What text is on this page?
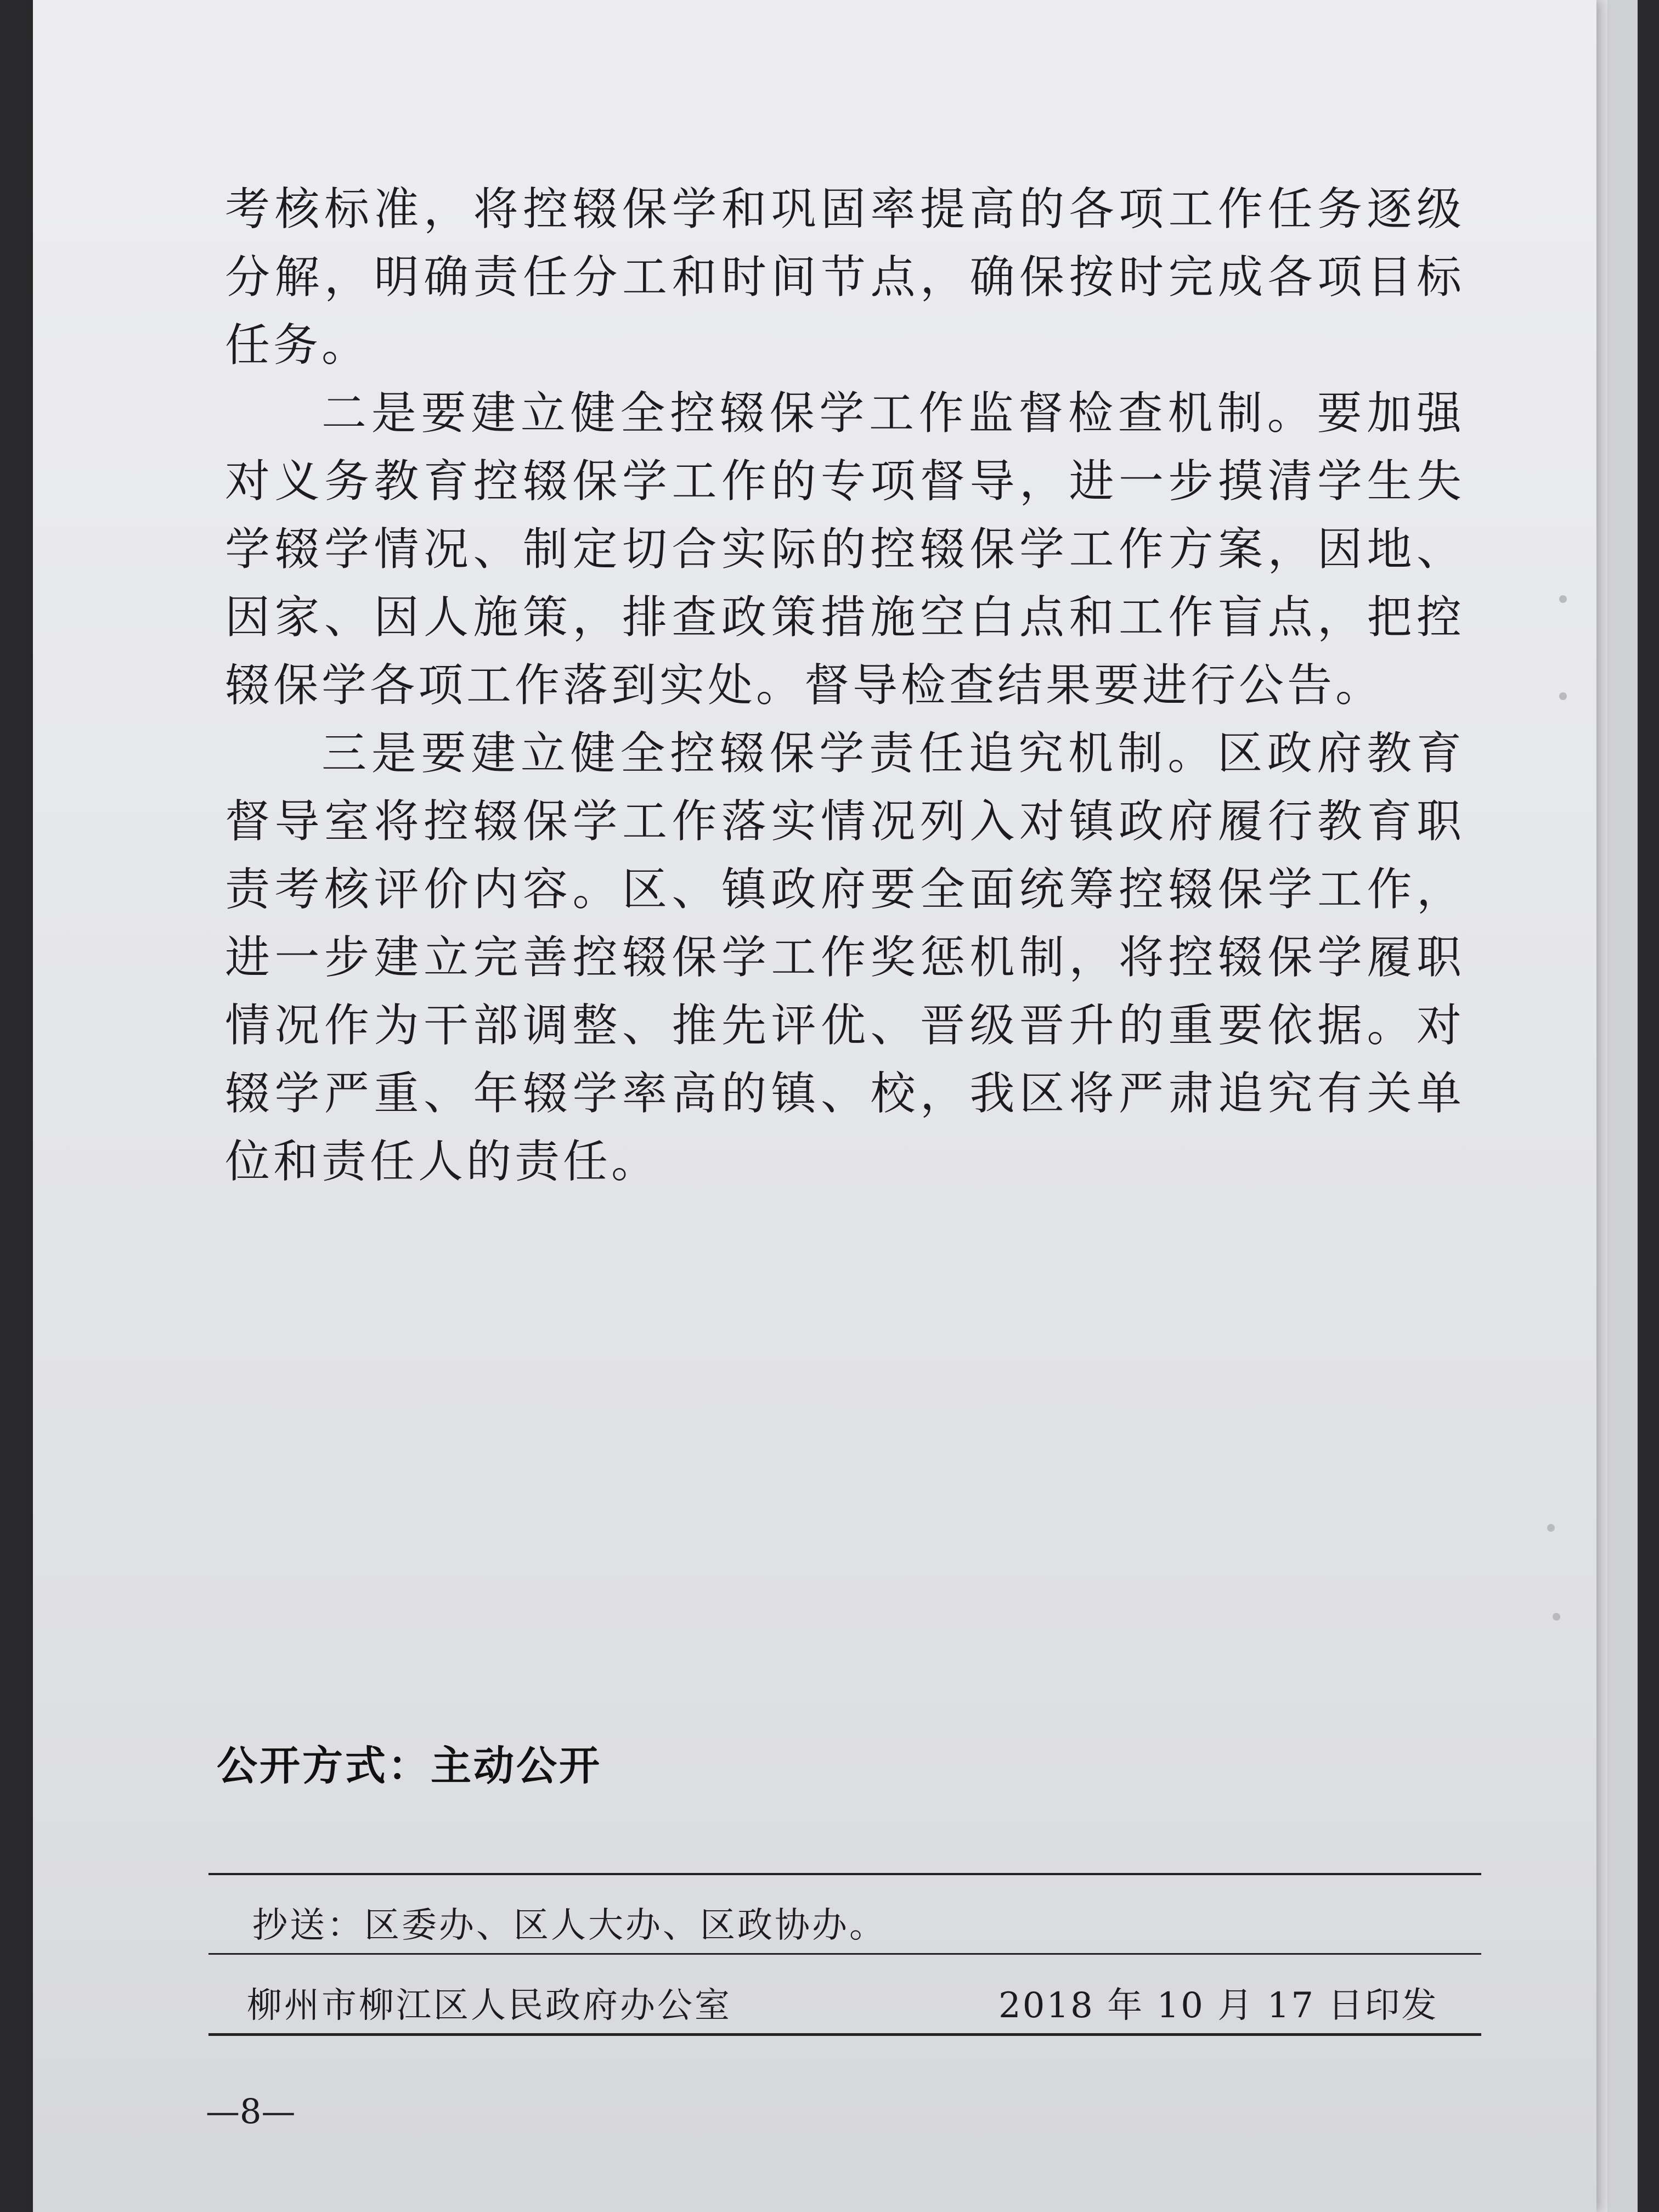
考核标准，将控辍保学和巩固率提高的各项工作任务逐级分解，明确责任分工和时间节点，确保按时完成各项目标任务。

二是要建立健全控辍保学工作监督检查机制。要加强对义务教育控辍保学工作的专项督导，进一步摸清学生失学辍学情况、制定切合实际的控辍保学工作方案，因地、因家、因人施策，排查政策措施空白点和工作盲点，把控辍保学各项工作落到实处。督导检查结果要进行公告。

三是要建立健全控辍保学责任追究机制。区政府教育督导室将控辍保学工作落实情况列入对镇政府履行教育职责考核评价内容。区、镇政府要全面统筹控辍保学工作，进一步建立完善控辍保学工作奖惩机制，将控辍保学履职情况作为干部调整、推先评优、晋级晋升的重要依据。对辍学严重、年辍学率高的镇、校，我区将严肃追究有关单位和责任人的责任。

公开方式：主动公开
抄送：区委办、区人大办、区政协办。
柳州市柳江区人民政府办公室	2018 年 10 月 17 日印发
—8—
